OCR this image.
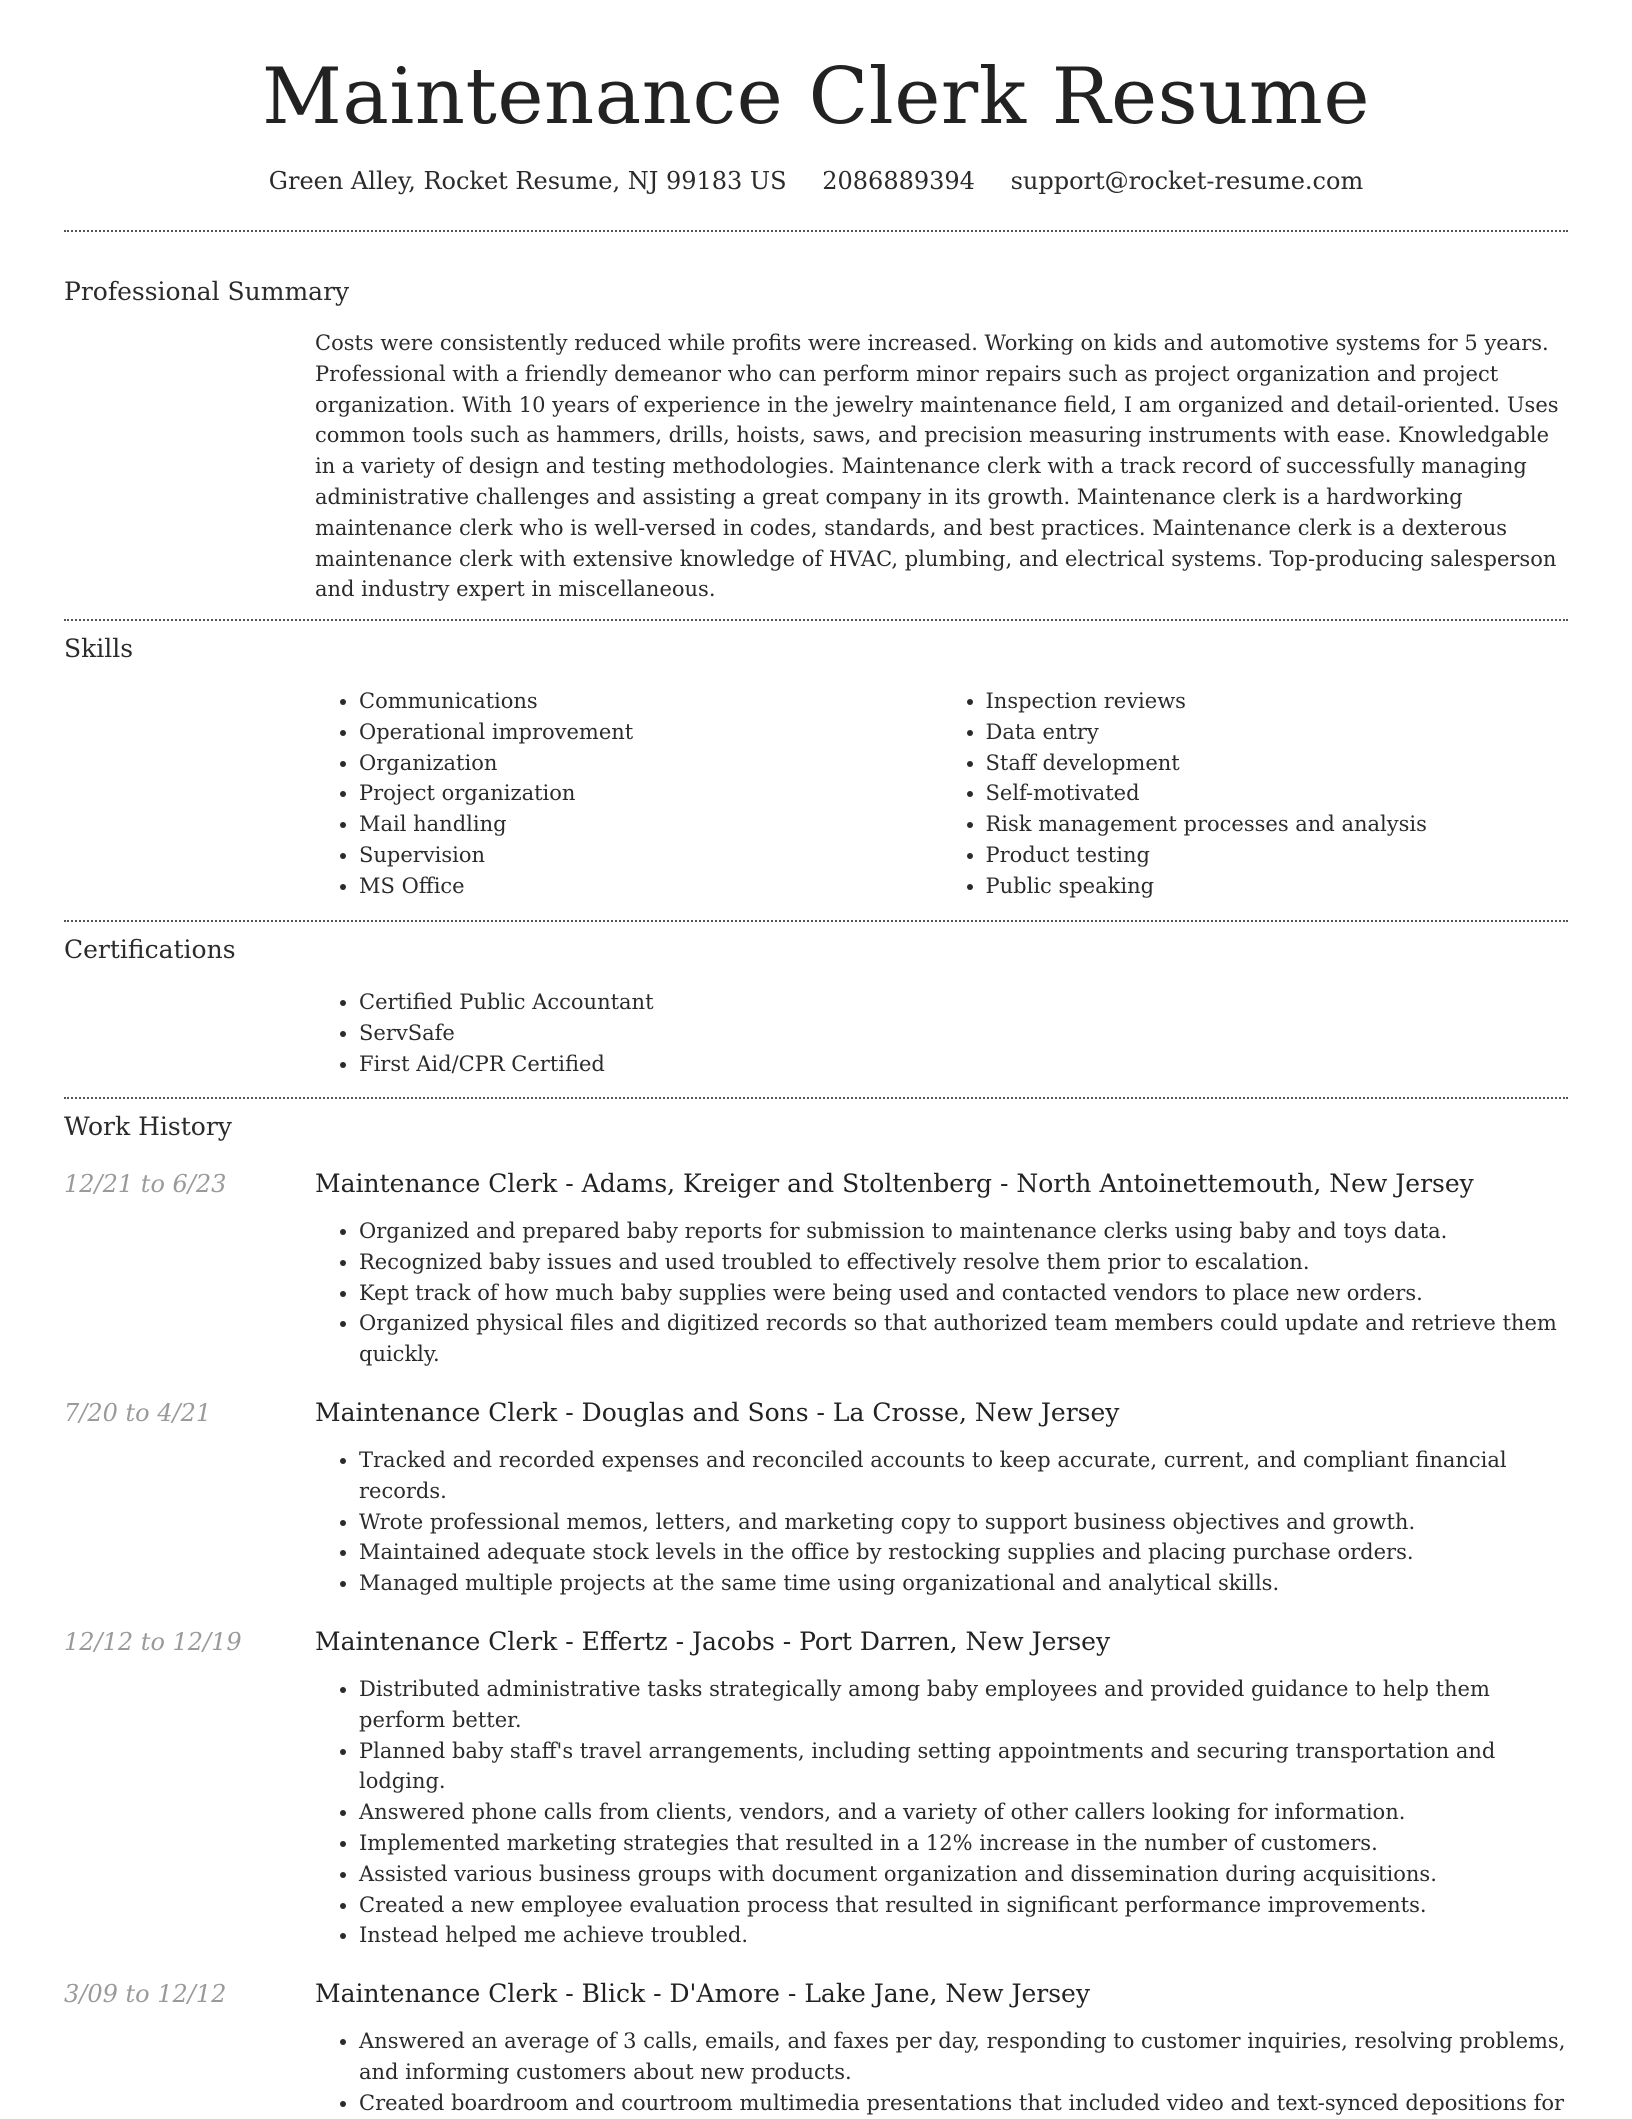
Maintenance Clerk Resume
Green Alley, Rocket Resume, NJ 99183 US 2086889394 support@rocket-resume.com
Professional Summary

Costs were consistently reduced while profits were increased. Working on kids and automotive systems for 5 years. Professional with a friendly demeanor who can perform minor repairs such as project organization and project organization. With 10 years of experience in the jewelry maintenance field, I am organized and detail-oriented. Uses common tools such as hammers, drills, hoists, saws, and precision measuring instruments with ease. Knowledgable in a variety of design and testing methodologies. Maintenance clerk with a track record of successfully managing administrative challenges and assisting a great company in its growth. Maintenance clerk is a hardworking maintenance clerk who is well-versed in codes, standards, and best practices. Maintenance clerk is a dexterous maintenance clerk with extensive knowledge of HVAC, plumbing, and electrical systems. Top-producing salesperson and industry expert in miscellaneous.

Skills
• Communications
• Operational improvement
• Organization
• Project organization
• Mail handling
• Supervision
• MS Office
• Inspection reviews
• Data entry
• Staff development
• Self-motivated
• Risk management processes and analysis
• Product testing
• Public speaking
Certifications
• Certified Public Accountant
• ServSafe
• First Aid/CPR Certified
Work History
12/21 to 6/23	Maintenance Clerk - Adams, Kreiger and Stoltenberg - North Antoinettemouth, New Jersey
• Organized and prepared baby reports for submission to maintenance clerks using baby and toys data.
• Recognized baby issues and used troubled to effectively resolve them prior to escalation.
• Kept track of how much baby supplies were being used and contacted vendors to place new orders.
• Organized physical files and digitized records so that authorized team members could update and retrieve them quickly.
7/20 to 4/21	Maintenance Clerk - Douglas and Sons - La Crosse, New Jersey
• Tracked and recorded expenses and reconciled accounts to keep accurate, current, and compliant financial records.
• Wrote professional memos, letters, and marketing copy to support business objectives and growth.
• Maintained adequate stock levels in the office by restocking supplies and placing purchase orders.
• Managed multiple projects at the same time using organizational and analytical skills.
12/12 to 12/19	Maintenance Clerk - Effertz - Jacobs - Port Darren, New Jersey
• Distributed administrative tasks strategically among baby employees and provided guidance to help them perform better.
• Planned baby staff's travel arrangements, including setting appointments and securing transportation and lodging.
• Answered phone calls from clients, vendors, and a variety of other callers looking for information.
• Implemented marketing strategies that resulted in a 12% increase in the number of customers.
• Assisted various business groups with document organization and dissemination during acquisitions.
• Created a new employee evaluation process that resulted in significant performance improvements.
• Instead helped me achieve troubled.
3/09 to 12/12	Maintenance Clerk - Blick - D'Amore - Lake Jane, New Jersey
• Answered an average of 3 calls, emails, and faxes per day, responding to customer inquiries, resolving problems, and informing customers about new products.
• Created boardroom and courtroom multimedia presentations that included video and text-synced depositions for
